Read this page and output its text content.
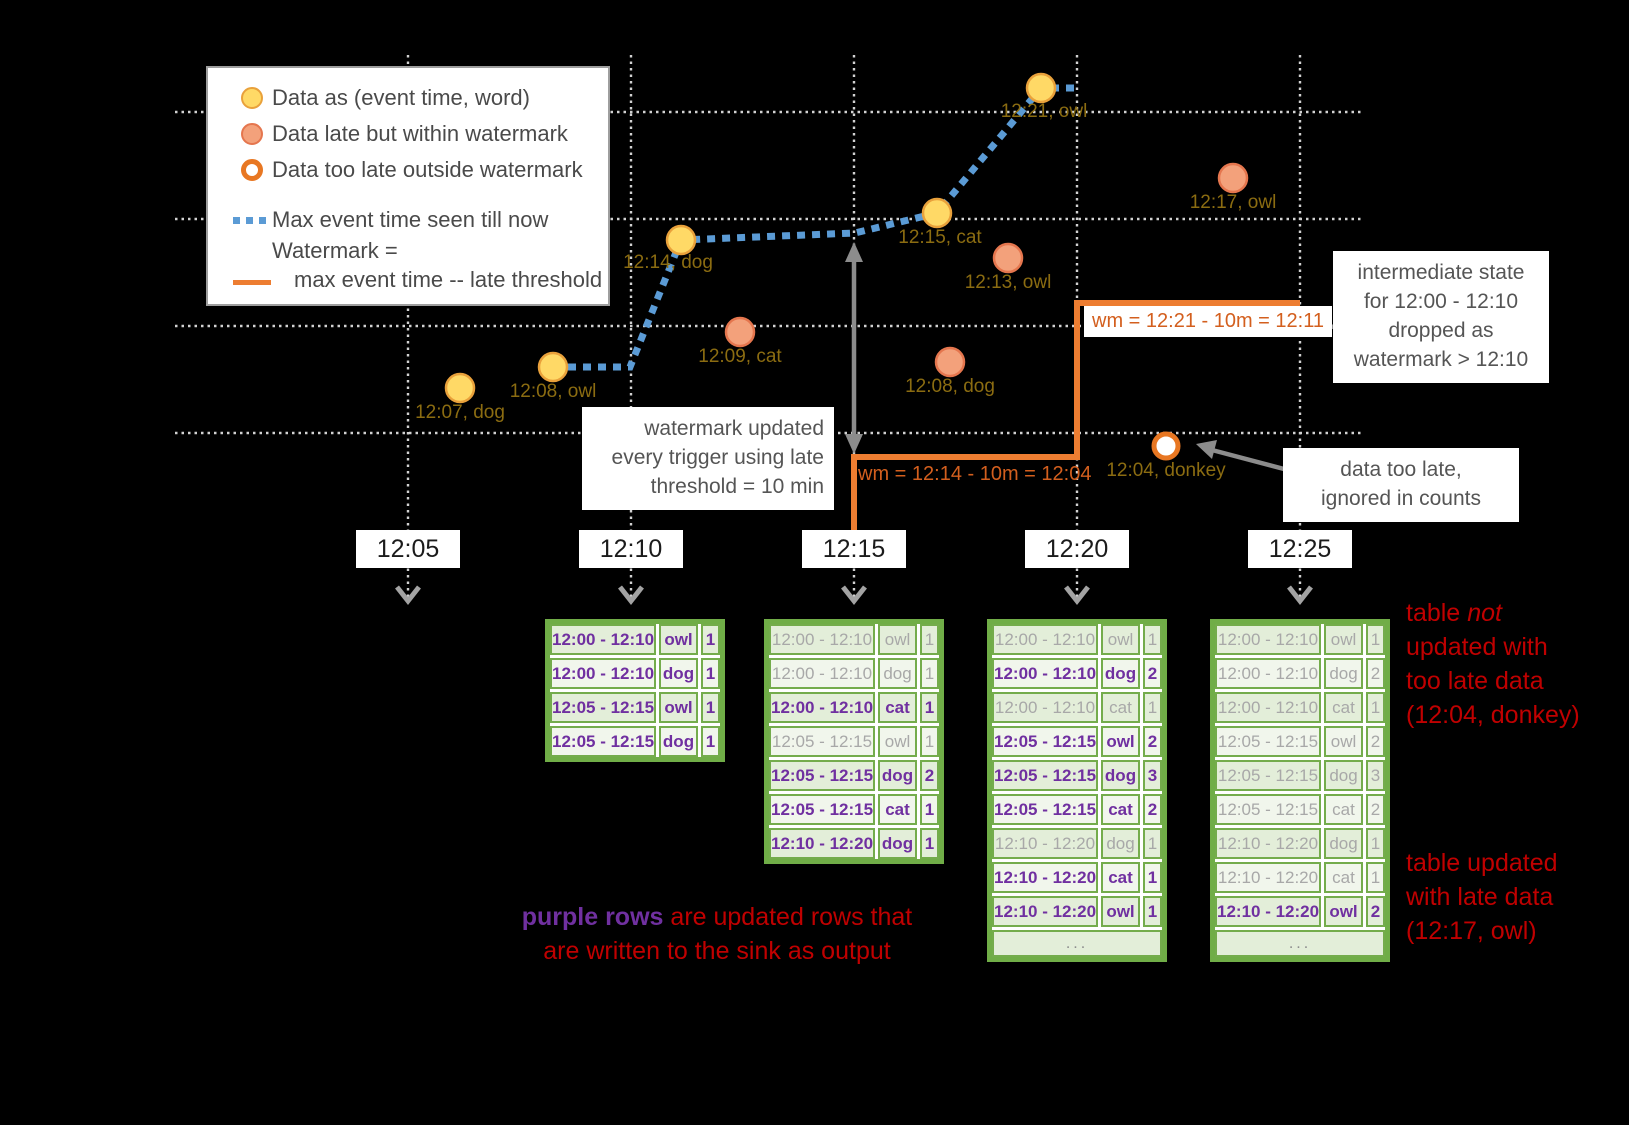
Data as (event time, word)
Data late but within watermark
Data too late outside watermark
Max event time seen till now
Watermark =
max event time -- late threshold
12:07, dog
12:08, owl
12:14, dog
12:15, cat
12:21, owl
12:09, cat
12:08, dog
12:13, owl
12:17, owl
12:04, donkey
wm = 12:14 - 10m = 12:04
wm = 12:21 - 10m = 12:11
12:05	12:10	12:15	12:20	12:25
watermark updated
every trigger using late
threshold = 10 min
intermediate state
for 12:00 - 12:10
dropped as
watermark > 12:10
data too late,
ignored in counts
table not
updated with
too late data
(12:04, donkey)
table updated
with late data
(12:17, owl)
purple rows are updated rows that
are written to the sink as output
12:00 - 12:10 owl 1
12:00 - 12:10 dog 1
12:05 - 12:15 owl 1
12:05 - 12:15 dog 1
12:00 - 12:10 owl 1
12:00 - 12:10 dog 1
12:00 - 12:10 cat 1
12:05 - 12:15 owl 1
12:05 - 12:15 dog 2
12:05 - 12:15 cat 1
12:10 - 12:20 dog 1
12:00 - 12:10 owl 1
12:00 - 12:10 dog 2
12:00 - 12:10 cat 1
12:05 - 12:15 owl 2
12:05 - 12:15 dog 3
12:05 - 12:15 cat 2
12:10 - 12:20 dog 1
12:10 - 12:20 cat 1
12:10 - 12:20 owl 1
...
12:00 - 12:10 owl 1
12:00 - 12:10 dog 2
12:00 - 12:10 cat 1
12:05 - 12:15 owl 2
12:05 - 12:15 dog 3
12:05 - 12:15 cat 2
12:10 - 12:20 dog 1
12:10 - 12:20 cat 1
12:10 - 12:20 owl 2
...
